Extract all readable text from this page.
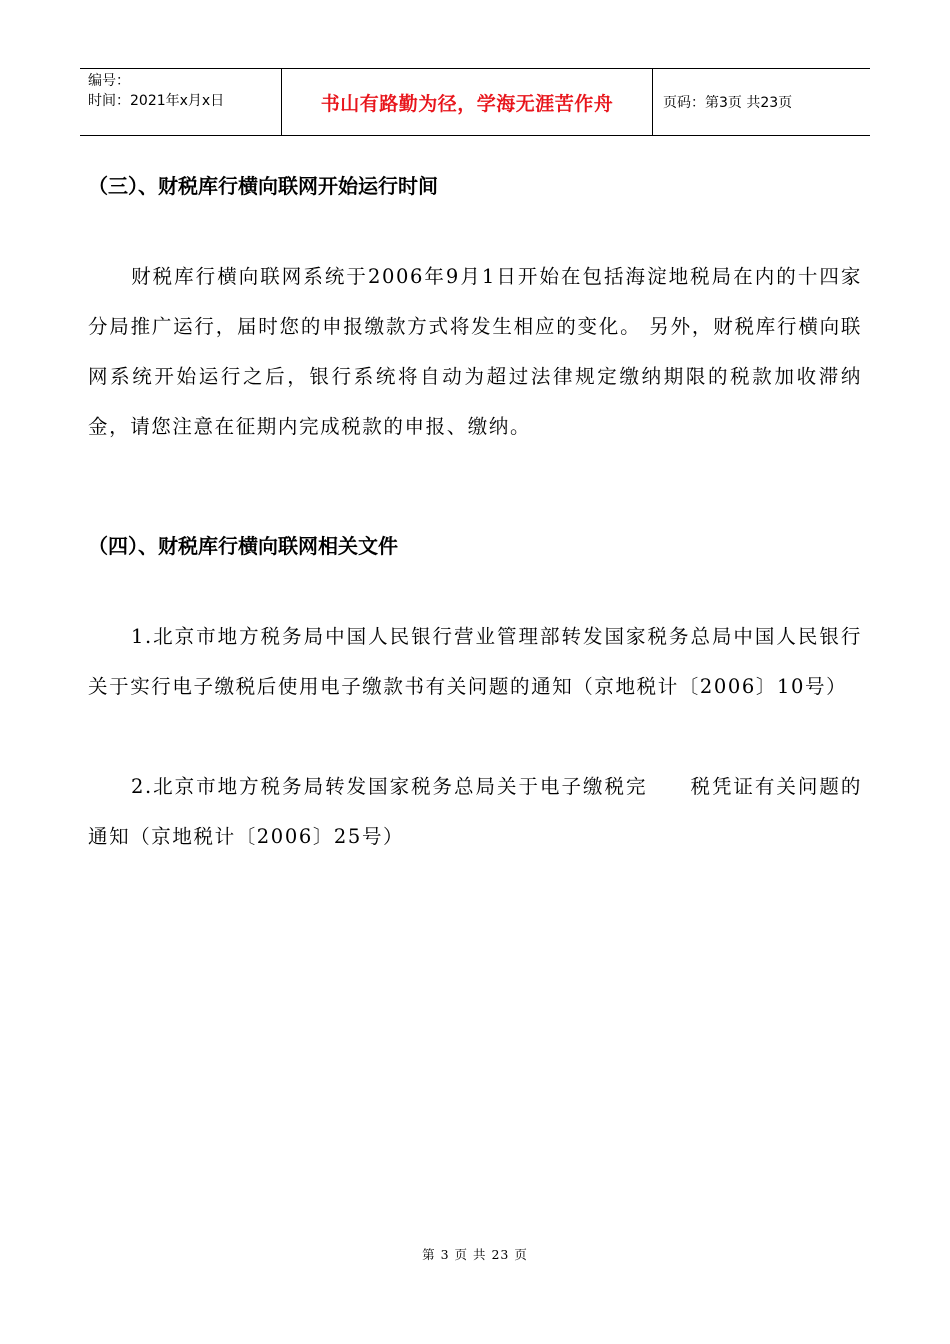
编号：
时间：2021年x月x日	书山有路勤为径，学海无涯苦作舟	页码：第3页 共23页
（三）、财税库行横向联网开始运行时间

　　财税库行横向联网系统于2006年9月1日开始在包括海淀地税局在内的十四家分局推广运行，届时您的申报缴款方式将发生相应的变化。 另外，财税库行横向联网系统开始运行之后，银行系统将自动为超过法律规定缴纳期限的税款加收滞纳金，请您注意在征期内完成税款的申报、缴纳。

（四）、财税库行横向联网相关文件

　　1.北京市地方税务局中国人民银行营业管理部转发国家税务总局中国人民银行关于实行电子缴税后使用电子缴款书有关问题的通知（京地税计〔2006〕10号）

　　2.北京市地方税务局转发国家税务总局关于电子缴税完　　税凭证有关问题的通知（京地税计〔2006〕25号）

第 3 页 共 23 页
